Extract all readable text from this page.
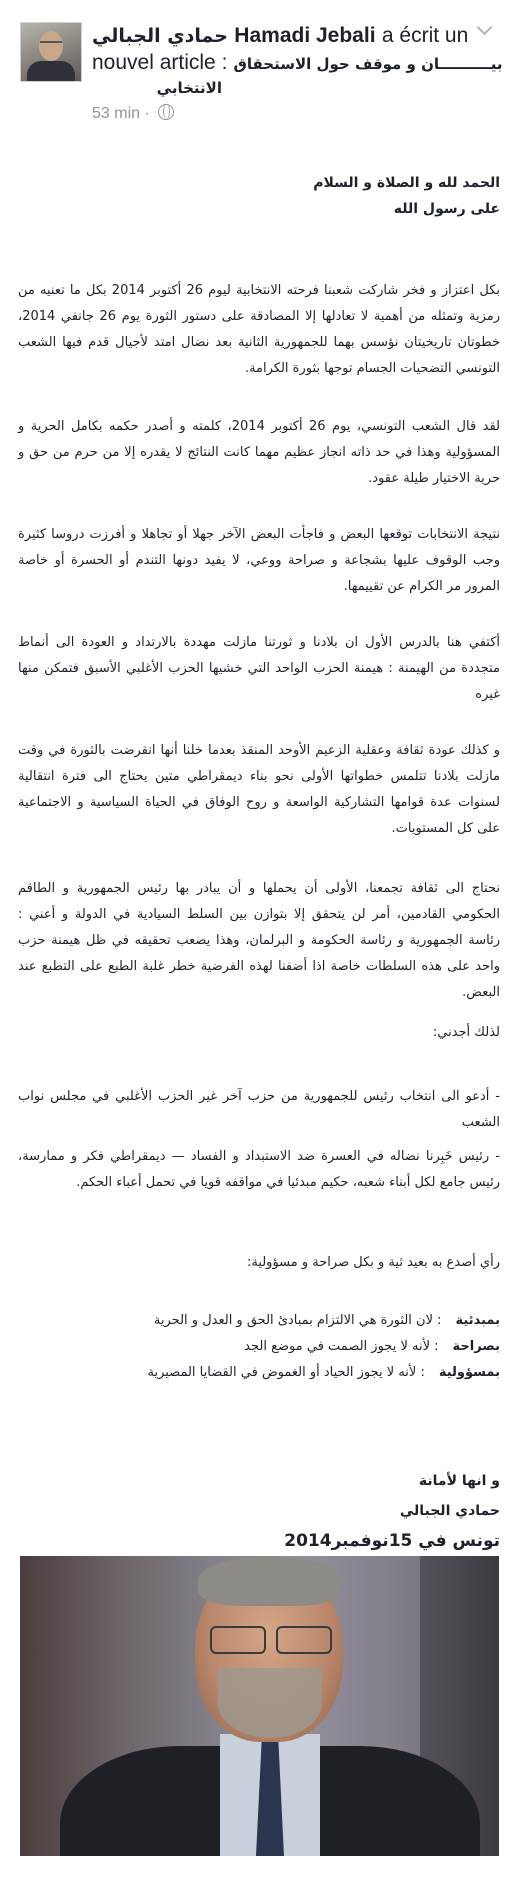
حمادي الجبالي Hamadi Jebali a écrit un
nouvel article : بيــــــــــان و موقف حول الاستحقاق
الانتخابي
53 min ·
الحمد لله و الصلاة و السلام على رسول الله
بكل اعتزاز و فخر شاركت شعبنا فرحته الانتخابية ليوم 26 أكتوبر 2014 بكل ما تعنيه من رمزية وتمثله من أهمية لا تعادلها إلا المصادقة على دستور الثورة يوم 26 جانفي 2014، خطوتان تاريخيتان نؤسس بهما للجمهورية الثانية بعد نضال امتد لأجيال قدم فيها الشعب التونسي التضحيات الجسام توجها بثورة الكرامة.
لقد قال الشعب التونسي، يوم 26 أكتوبر 2014، كلمته و أصدر حكمه بكامل الحرية و المسؤولية وهذا في حد ذاته انجاز عظيم مهما كانت النتائج لا يقدره إلا من حرم من حق و حرية الاختيار طيلة عقود.
نتيجة الانتخابات توقعها البعض و فاجأت البعض الآخر جهلا أو تجاهلا و أفرزت دروسا كثيرة وجب الوقوف عليها بشجاعة و صراحة ووعي، لا يفيد دونها التندم أو الحسرة أو خاصة المرور مر الكرام عن تقييمها.
أكتفي هنا بالدرس الأول ان بلادنا و ثورتنا مازلت مهددة بالارتداد و العودة الى أنماط متجددة من الهيمنة : هيمنة الحزب الواحد التي خشيها الحزب الأغلبي الأسبق فتمكن منها غيره
و كذلك عودة ثقافة وعقلية الزعيم الأوحد المنقذ بعدما خلنا أنها انقرضت بالثورة في وقت مازلت بلادنا تتلمس خطواتها الأولى نحو بناء ديمقراطي متين يحتاج الى فترة انتقالية لسنوات عدة قوامها التشاركية الواسعة و روح الوفاق في الحياة السياسية و الاجتماعية على كل المستويات.
نحتاج الى ثقافة تجمعنا، الأولى أن يحملها و أن يبادر بها رئيس الجمهورية و الطاقم الحكومي القادمين، أمر لن يتحقق إلا بتوازن بين السلط السيادية في الدولة و أعني : رئاسة الجمهورية و رئاسة الحكومة و البرلمان، وهذا يصعب تحقيقه في ظل هيمنة حزب واحد على هذه السلطات خاصة اذا أضفنا لهذه الفرضية خطر غلبة الطبع على التطبع عند البعض.
لذلك أجدني:
- أدعو الى انتخاب رئيس للجمهورية من حزب آخر غير الحزب الأغلبي في مجلس نواب الشعب
- رئيس خَبِرنا نضاله في العسرة ضد الاستبداد و الفساد — ديمقراطي فكر و ممارسة، رئيس جامع لكل أبناء شعبه، حكيم مبدئيا في مواقفه قويا في تحمل أعباء الحكم.
رأي أصدع به بعيد ثية و بكل صراحة و مسؤولية:
بمبدئية: لان الثورة هي الالتزام بمبادئ الحق و العدل و الحرية
بصراحة: لأنه لا يجوز الصمت في موضع الجد
بمسؤولية: لأنه لا يجوز الحياد أو الغموض في القضايا المصيرية
و انها لأمانة
حمادي الجبالي
تونس في 15نوفمبر2014
